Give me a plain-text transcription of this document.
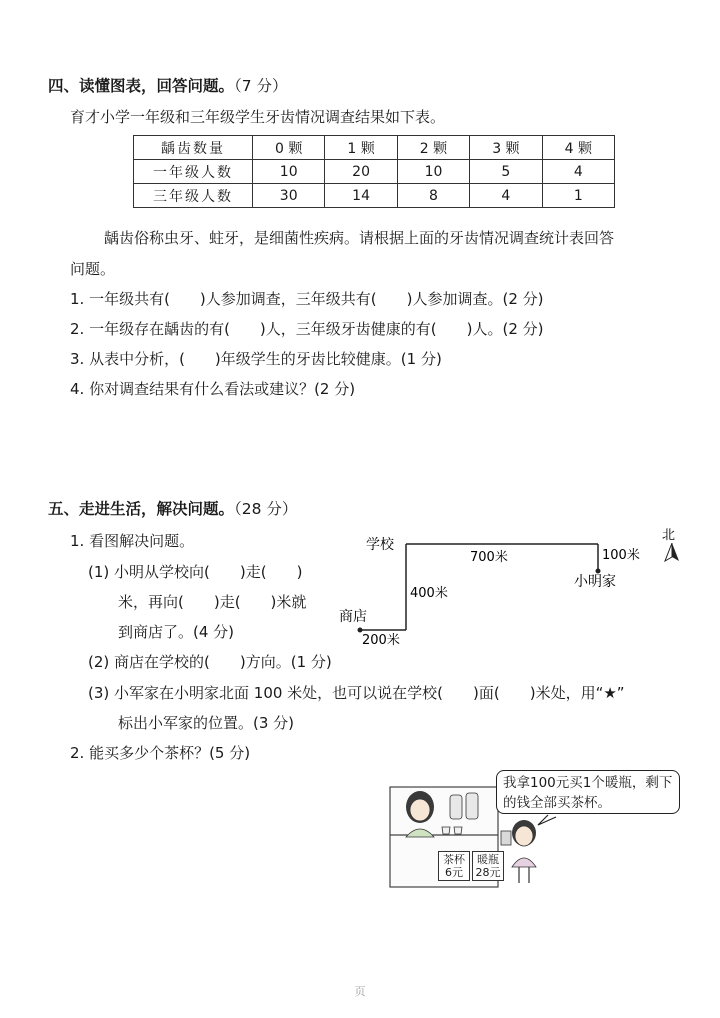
四、读懂图表，回答问题。（7 分）
育才小学一年级和三年级学生牙齿情况调查结果如下表。
龋齿数量	0 颗	1 颗	2 颗	3 颗	4 颗
一年级人数	10	20	10	5	4
三年级人数	30	14	8	4	1
龋齿俗称虫牙、蛀牙，是细菌性疾病。请根据上面的牙齿情况调查统计表回答
问题。
1. 一年级共有(　　)人参加调查，三年级共有(　　)人参加调查。(2 分)
2. 一年级存在龋齿的有(　　)人，三年级牙齿健康的有(　　)人。(2 分)
3. 从表中分析，(　　)年级学生的牙齿比较健康。(1 分)
4. 你对调查结果有什么看法或建议？(2 分)
五、走进生活，解决问题。（28 分）
1. 看图解决问题。
(1) 小明从学校向(　　)走(　　)
米，再向(　　)走(　　)米就
到商店了。(4 分)
(2) 商店在学校的(　　)方向。(1 分)
(3) 小军家在小明家北面 100 米处，也可以说在学校(　　)面(　　)米处，用“★”
标出小军家的位置。(3 分)
2. 能买多少个茶杯？(5 分)
学校
700米	100米
小明家
400米
商店
200米
北
我拿100元买1个暖瓶，剩下的钱全部买茶杯。
茶杯
6元
暖瓶
28元
页
